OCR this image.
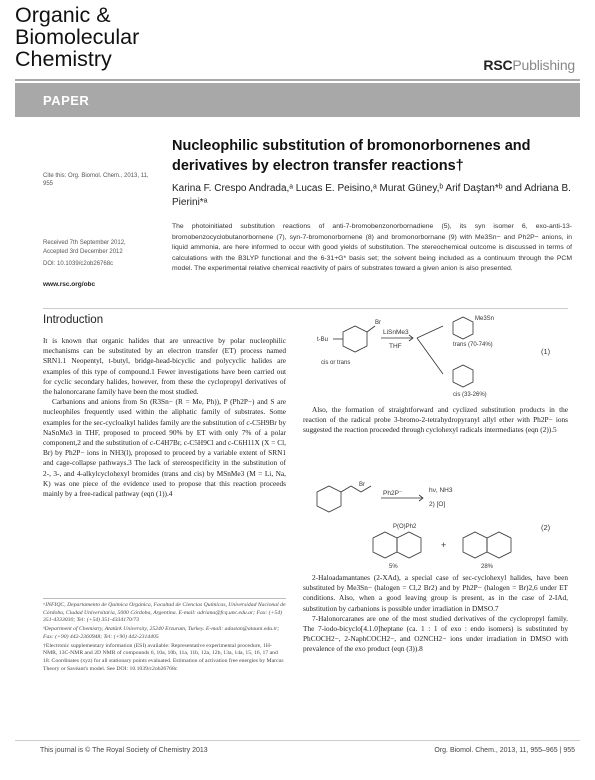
Organic &
Biomolecular
Chemistry	RSCPublishing
PAPER
Cite this: Org. Biomol. Chem., 2013, 11,
955
Received 7th September 2012,
Accepted 3rd December 2012
DOI: 10.1039/c2ob26768c
www.rsc.org/obc
Nucleophilic substitution of bromonorbornenes and derivatives by electron transfer reactions†
Karina F. Crespo Andrada,ᵃ Lucas E. Peisino,ᵃ Murat Güney,ᵇ Arif Daştan*ᵇ and Adriana B. Pierini*ᵃ
The photoinitiated substitution reactions of anti-7-bromobenzonorbornadiene (5), its syn isomer 6, exo-anti-13-bromobenzocyclobutanorbornene (7), syn-7-bromonorbornene (8) and bromonorbornane (9) with Me3Sn− and Ph2P− anions, in liquid ammonia, are here informed to occur with good yields of substitution. The stereochemical outcome is discussed in terms of calculations with the B3LYP functional and the 6-31+G* basis set; the solvent being included as a continuum through the PCM model. The experimental relative chemical reactivity of pairs of substrates toward a given anion is also presented.
Introduction

It is known that organic halides that are unreactive by polar nucleophilic mechanisms can be substituted by an electron transfer (ET) process named SRN1.1 Neopentyl, t-butyl, bridge-head-bicyclic and polycyclic halides are examples of this type of compound.1 Fewer investigations have been carried out for cyclic secondary halides, however, from these the cyclopropyl derivatives of the halonorcarane family have been the most studied.

Carbanions and anions from Sn (R3Sn− (R = Me, Ph)), P (Ph2P−) and S are nucleophiles frequently used within the aliphatic family of substrates. Some examples for the sec-cycloalkyl halides family are the substitution of c-C5H9Br by NaSnMe3 in THF, proposed to proceed 90% by ET with only 7% of a polar component,2 and the substitution of c-C4H7Br, c-C5H9Cl and c-C6H11X (X = Cl, Br) by Ph2P− ions in NH3(l), proposed to proceed by a variable extent of SRN1 and cage-collapse pathways.3 The lack of stereospecificity in the substitution of 2-, 3-, and 4-alkylcyclohexyl bromides (trans and cis) by MSnMe3 (M = Li, Na, K) was one piece of the evidence used to propose that this reaction proceeds mainly by a free-radical pathway (eqn (1)).4

ᵃINFIQC, Departamento de Química Orgánica, Facultad de Ciencias Químicas, Universidad Nacional de Córdoba, Ciudad Universitaria, 5000 Córdoba, Argentina. E-mail: adriana@fcq.unc.edu.ar; Fax: (+54) 351-4333030; Tel: (+54) 351-4334170/73

ᵇDepartment of Chemistry, Atatürk University, 25240 Erzurum, Turkey. E-mail: adastan@atauni.edu.tr; Fax: (+90) 442-2360948; Tel: (+90) 442-2314405

†Electronic supplementary information (ESI) available: Representative experimental procedure, 1H-NMR, 13C-NMR and 2D NMR of compounds 6, 10a, 10b, 11a, 11b, 12a, 12b, 13a, 14a, 15, 16, 17 and 18. Coordinates (xyz) for all stationary points evaluated. Estimation of activation free energies by Marcus Theory or Savéant's model. See DOI: 10.1039/c2ob26768c

t-Bu
Br
cis or trans
LiSnMe3
THF
Me3Sn
trans (70-74%)
cis (33-26%)
(1)
Also, the formation of straightforward and cyclized substitution products in the reaction of the radical probe 3-bromo-2-tetrahydropyranyl allyl ether with Ph2P− ions suggested the reaction proceeded through cyclohexyl radicals intermediates (eqn (2)).5
Br
Ph2P⁻	hν, NH3
2) [O]
P(O)Ph2
5%	28%
+
(2)

2-Haloadamantanes (2-XAd), a special case of sec-cyclohexyl halides, have been substituted by Me3Sn− (halogen = Cl,2 Br2) and by Ph2P− (halogen = Br)2,6 under ET conditions. Also, when a good leaving group is present, as in the case of 2-IAd, substitution by carbanions is possible under irradiation in DMSO.7

7-Halonorcaranes are one of the most studied derivatives of the cyclopropyl family. The 7-iodo-bicyclo[4.1.0]heptane (ca. 1 : 1 of exo : endo isomers) is substituted by PhCOCH2−, 2-NaphCOCH2−, and O2NCH2− ions under irradiation in DMSO with prevalence of the exo product (eqn (3)).8

This journal is © The Royal Society of Chemistry 2013	Org. Biomol. Chem., 2013, 11, 955–965 | 955
